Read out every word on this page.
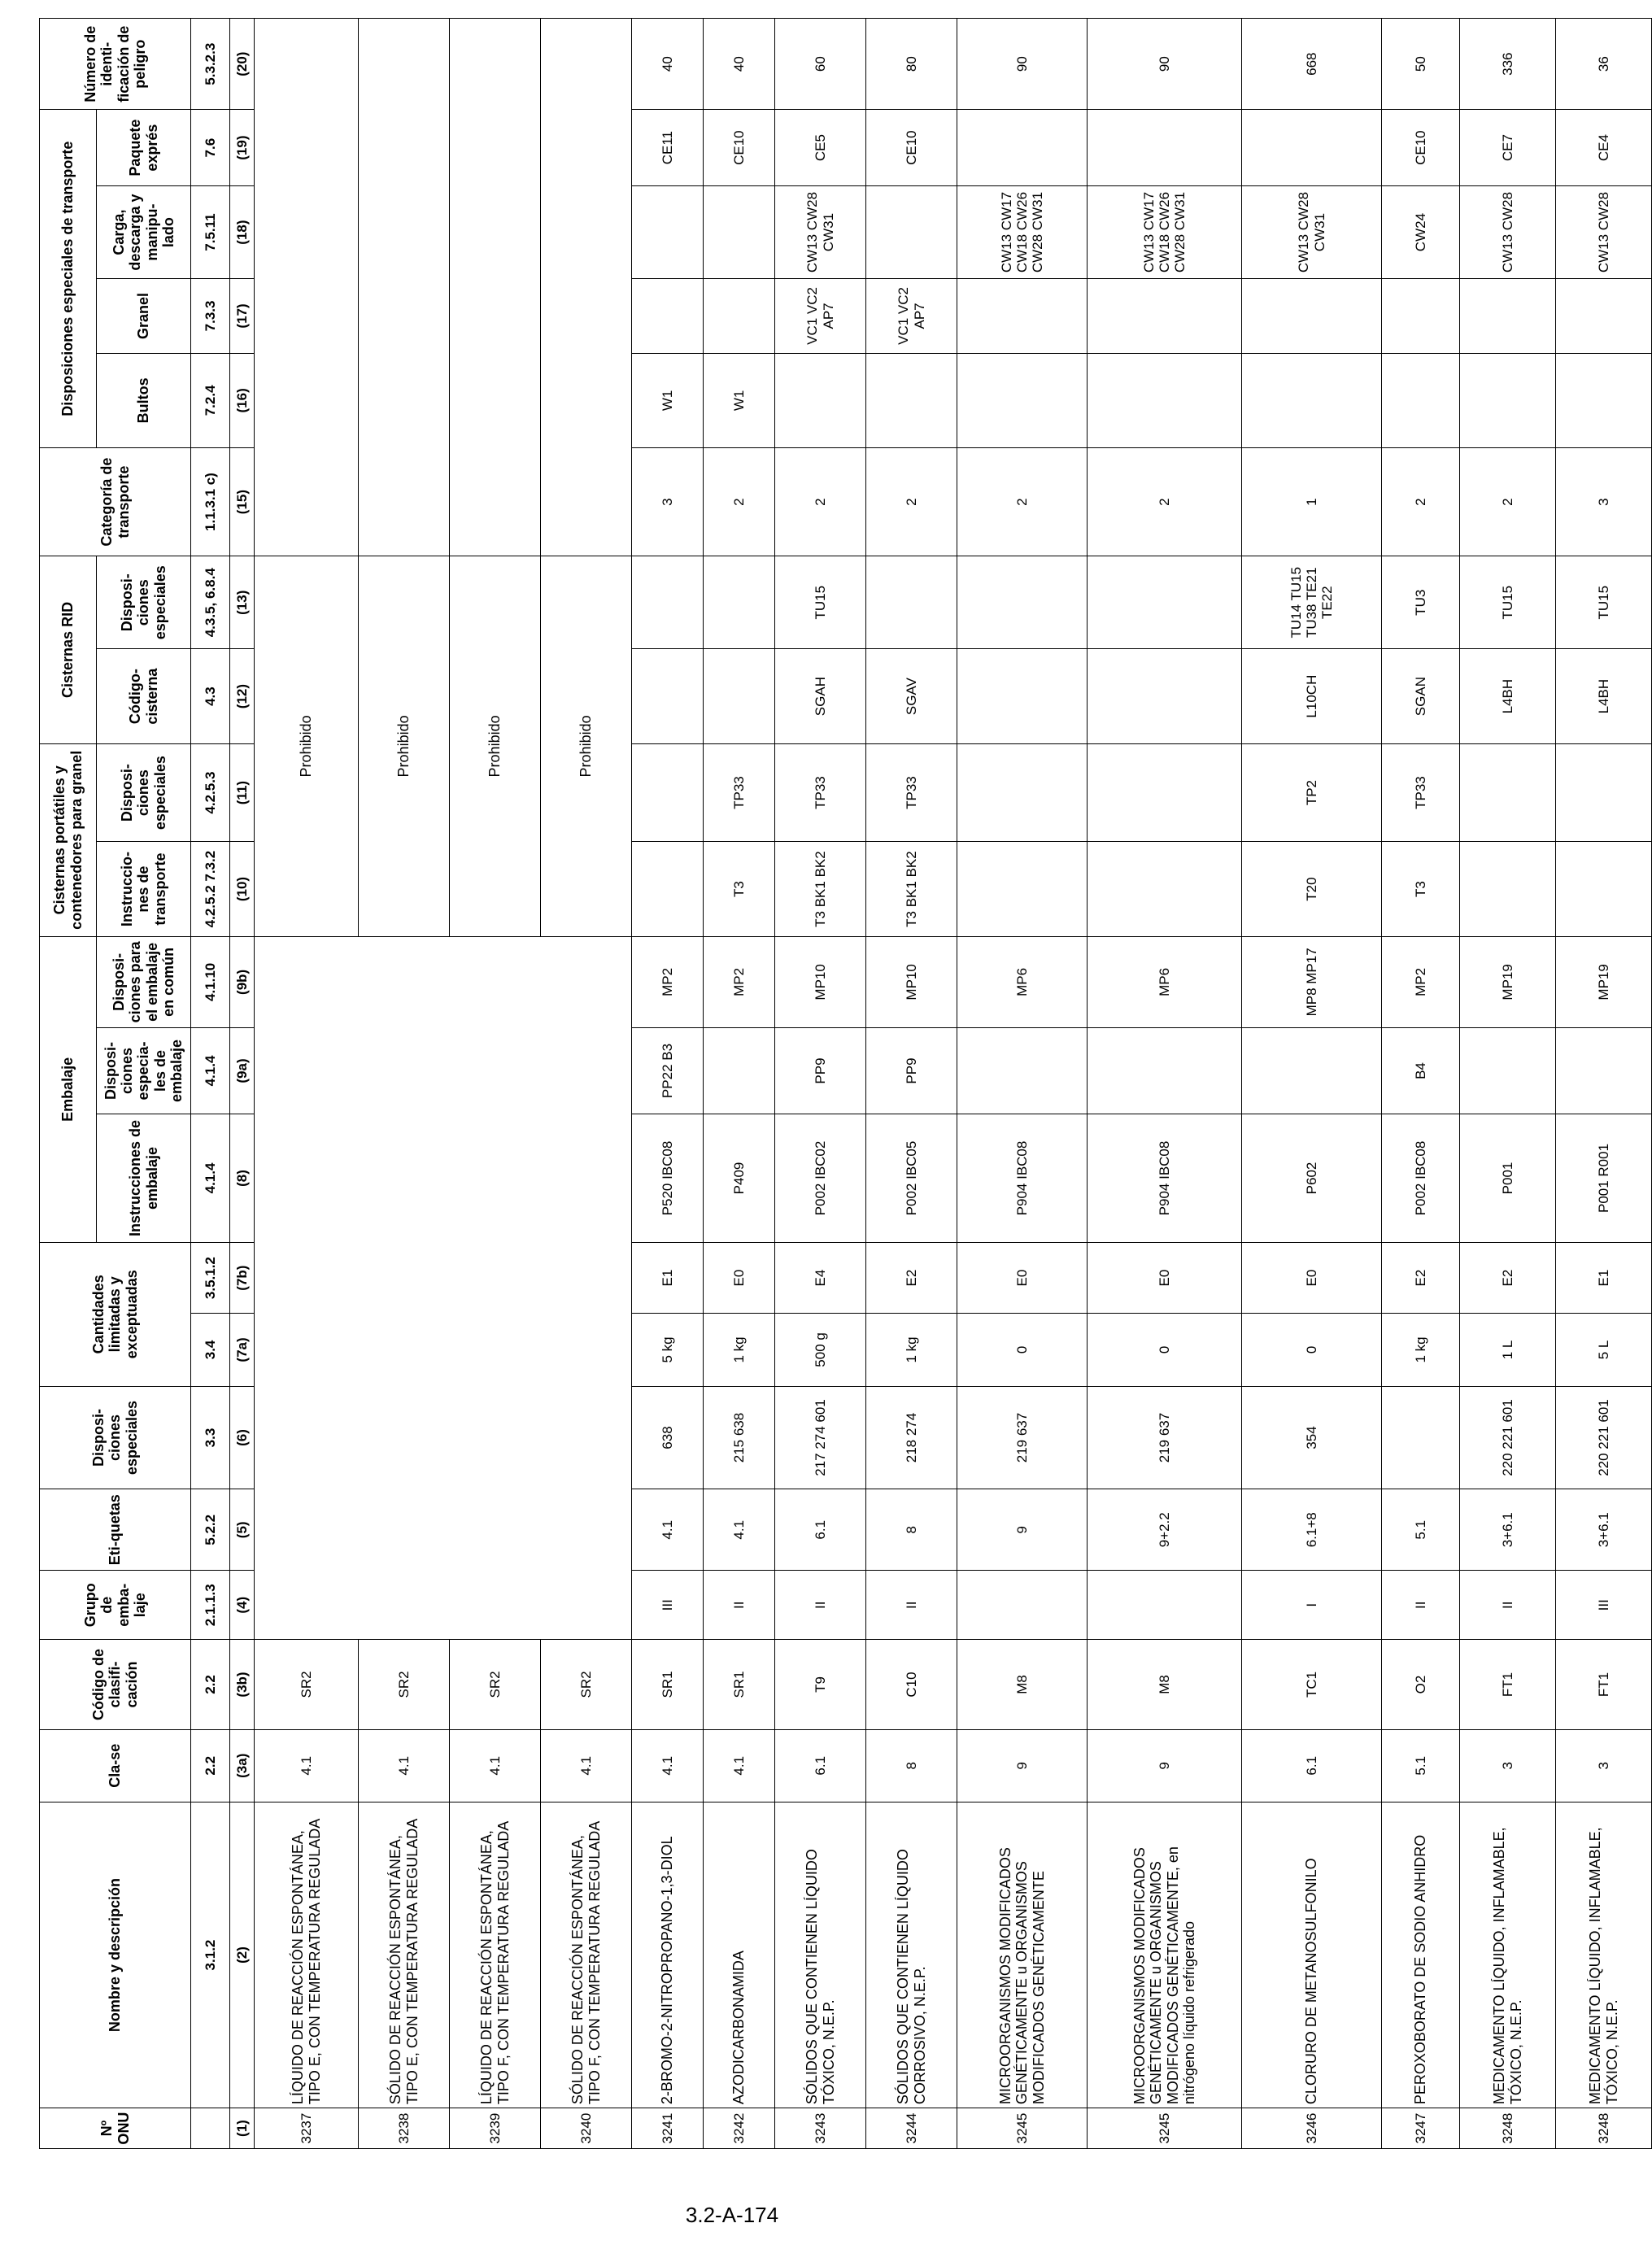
Nº ONU	Nombre y descripción	Cla-se	Código de clasifi-cación	Grupo de emba-laje	Eti-quetas	Disposi-ciones especiales	Cantidades limitadas y exceptuadas		Embalaje			Cisternas portátiles y contenedores para granel		Cisternas RID		Categoría de transporte	Disposiciones especiales de transporte				Número de identi-ficación de peligro
									Instrucciones de embalaje	Disposi-ciones especia-les de embalaje	Disposi-ciones para el embalaje en común	Instruccio-nes de transporte	Disposi-ciones especiales	Código-cisterna	Disposi-ciones especiales		Bultos	Granel	Carga, descarga y manipu-lado	Paquete exprés	
	3.1.2	2.2	2.2	2.1.1.3	5.2.2	3.3	3.4	3.5.1.2	4.1.4	4.1.4	4.1.10	4.2.5.2 7.3.2	4.2.5.3	4.3	4.3.5, 6.8.4	1.1.3.1 c)	7.2.4	7.3.3	7.5.11	7.6	5.3.2.3
(1)	(2)	(3a)	(3b)	(4)	(5)	(6)	(7a)	(7b)	(8)	(9a)	(9b)	(10)	(11)	(12)	(13)	(15)	(16)	(17)	(18)	(19)	(20)
3237	LÍQUIDO DE REACCIÓN ESPONTÁNEA, TIPO E, CON TEMPERATURA REGULADA	4.1	SR2									Prohibido									
3238	SÓLIDO DE REACCIÓN ESPONTÁNEA, TIPO E, CON TEMPERATURA REGULADA	4.1	SR2									Prohibido									
3239	LÍQUIDO DE REACCIÓN ESPONTÁNEA, TIPO F, CON TEMPERATURA REGULADA	4.1	SR2									Prohibido									
3240	SÓLIDO DE REACCIÓN ESPONTÁNEA, TIPO F, CON TEMPERATURA REGULADA	4.1	SR2									Prohibido									
3241	2-BROMO-2-NITROPROPANO-1,3-DIOL	4.1	SR1	III	4.1	638	5 kg	E1	P520 IBC08	PP22 B3	MP2					3	W1			CE11	40
3242	AZODICARBONAMIDA	4.1	SR1	II	4.1	215 638	1 kg	E0	P409		MP2	T3	TP33			2	W1			CE10	40
3243	SÓLIDOS QUE CONTIENEN LÍQUIDO TÓXICO, N.E.P.	6.1	T9	II	6.1	217 274 601	500 g	E4	P002 IBC02	PP9	MP10	T3 BK1 BK2	TP33	SGAH	TU15	2		VC1 VC2 AP7	CW13 CW28 CW31	CE5	60
3244	SÓLIDOS QUE CONTIENEN LÍQUIDO CORROSIVO, N.E.P.	8	C10	II	8	218 274	1 kg	E2	P002 IBC05	PP9	MP10	T3 BK1 BK2	TP33	SGAV		2		VC1 VC2 AP7		CE10	80
3245	MICROORGANISMOS MODIFICADOS GENÉTICAMENTE u ORGANISMOS MODIFICADOS GENÉTICAMENTE	9	M8		9	219 637	0	E0	P904 IBC08		MP6					2			CW13 CW17 CW18 CW26 CW28 CW31		90
3245	MICROORGANISMOS MODIFICADOS GENÉTICAMENTE u ORGANISMOS MODIFICADOS GENÉTICAMENTE, en nitrógeno líquido refrigerado	9	M8		9+2.2	219 637	0	E0	P904 IBC08		MP6					2			CW13 CW17 CW18 CW26 CW28 CW31		90
3246	CLORURO DE METANOSULFONILO	6.1	TC1	I	6.1+8	354	0	E0	P602		MP8 MP17	T20	TP2	L10CH	TU14 TU15 TU38 TE21 TE22	1			CW13 CW28 CW31		668
3247	PEROXOBORATO DE SODIO ANHIDRO	5.1	O2	II	5.1		1 kg	E2	P002 IBC08	B4	MP2	T3	TP33	SGAN	TU3	2			CW24	CE10	50
3248	MEDICAMENTO LÍQUIDO, INFLAMABLE, TÓXICO, N.E.P.	3	FT1	II	3+6.1	220 221 601	1 L	E2	P001		MP19			L4BH	TU15	2			CW13 CW28	CE7	336
3248	MEDICAMENTO LÍQUIDO, INFLAMABLE, TÓXICO, N.E.P.	3	FT1	III	3+6.1	220 221 601	5 L	E1	P001 R001		MP19			L4BH	TU15	3			CW13 CW28	CE4	36
3.2-A-174
